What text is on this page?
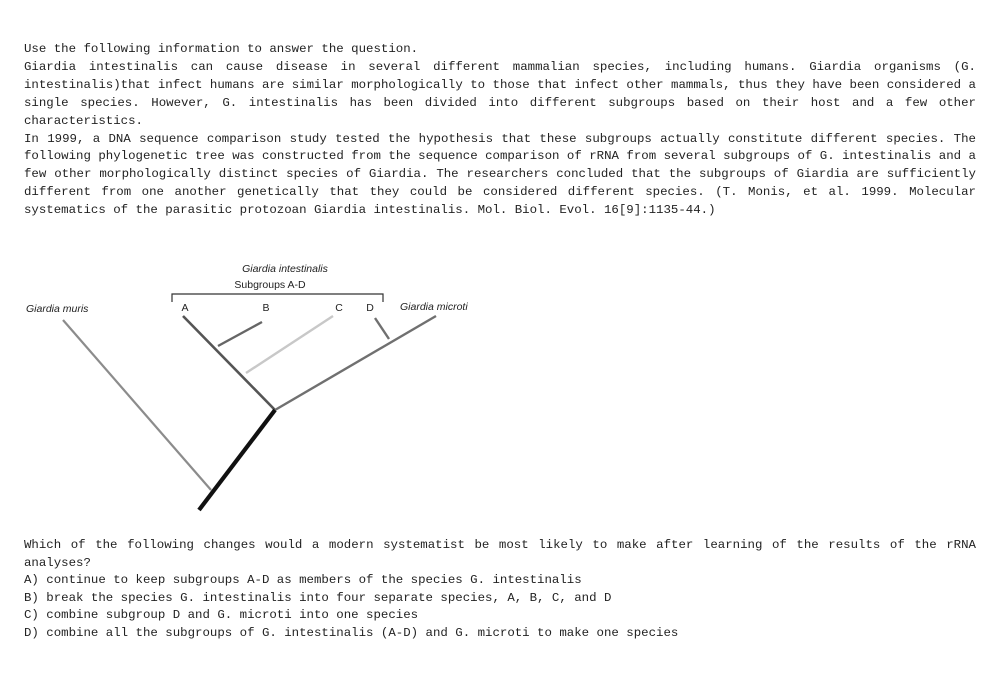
Use the following information to answer the question.

Giardia intestinalis can cause disease in several different mammalian species, including humans. Giardia organisms (G. intestinalis)that infect humans are similar morphologically to those that infect other mammals, thus they have been considered a single species. However, G. intestinalis has been divided into different subgroups based on their host and a few other characteristics.

In 1999, a DNA sequence comparison study tested the hypothesis that these subgroups actually constitute different species. The following phylogenetic tree was constructed from the sequence comparison of rRNA from several subgroups of G. intestinalis and a few other morphologically distinct species of Giardia. The researchers concluded that the subgroups of Giardia are sufficiently different from one another genetically that they could be considered different species. (T. Monis, et al. 1999. Molecular systematics of the parasitic protozoan Giardia intestinalis. Mol. Biol. Evol. 16[9]:1135-44.)

Giardia intestinalis
Subgroups A-D
Giardia muris	A	B	C D Giardia microti

Which of the following changes would a modern systematist be most likely to make after learning of the results of the rRNA analyses?

A) continue to keep subgroups A-D as members of the species G. intestinalis
B) break the species G. intestinalis into four separate species, A, B, C, and D
C) combine subgroup D and G. microti into one species
D) combine all the subgroups of G. intestinalis (A-D) and G. microti to make one species
